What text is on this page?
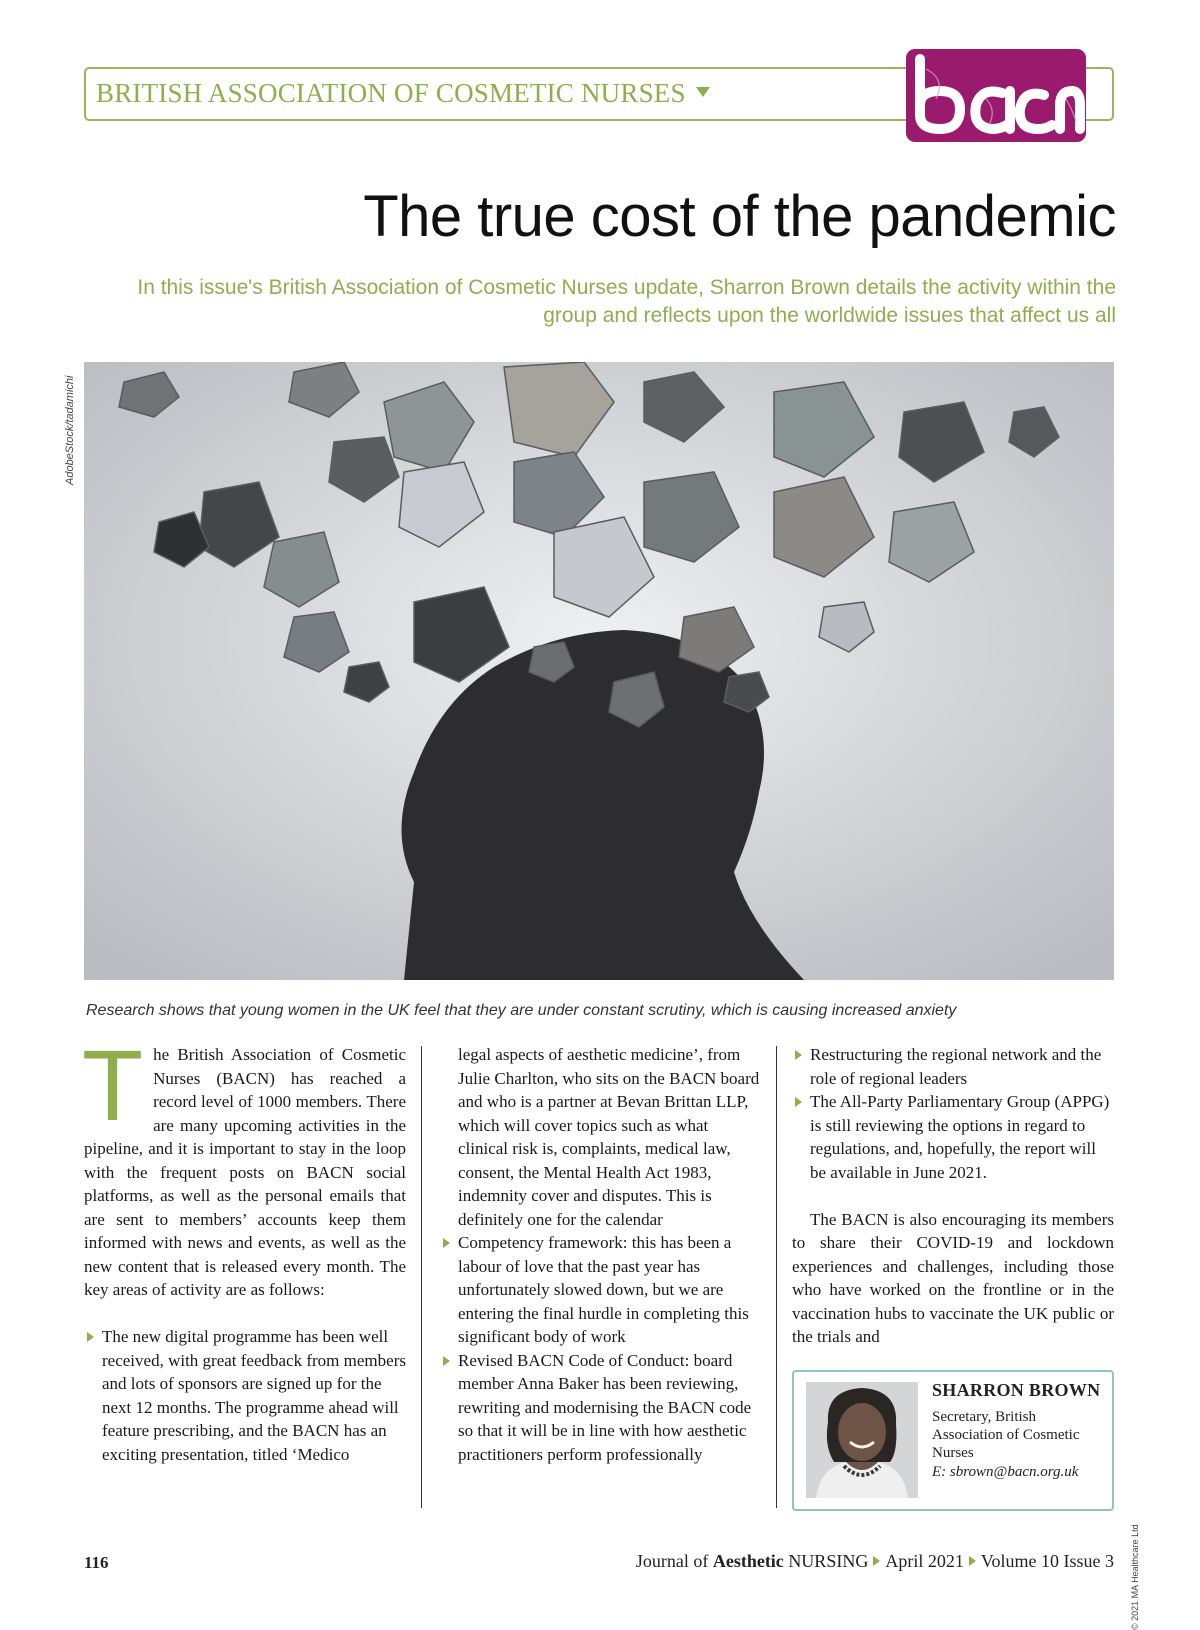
BRITISH ASSOCIATION OF COSMETIC NURSES
The true cost of the pandemic

In this issue's British Association of Cosmetic Nurses update, Sharron Brown details the activity within the group and reflects upon the worldwide issues that affect us all

AdobeStock/tadamichi

Research shows that young women in the UK feel that they are under constant scrutiny, which is causing increased anxiety

The British Association of Cosmetic Nurses (BACN) has reached a record level of 1000 members. There are many upcoming activities in the pipeline, and it is important to stay in the loop with the frequent posts on BACN social platforms, as well as the personal emails that are sent to members’ accounts keep them informed with news and events, as well as the new content that is released every month. The key areas of activity are as follows:

The new digital programme has been well received, with great feedback from members and lots of sponsors are signed up for the next 12 months. The programme ahead will feature prescribing, and the BACN has an exciting presentation, titled ‘Medico

legal aspects of aesthetic medicine’, from Julie Charlton, who sits on the BACN board and who is a partner at Bevan Brittan LLP, which will cover topics such as what clinical risk is, complaints, medical law, consent, the Mental Health Act 1983, indemnity cover and disputes. This is definitely one for the calendar

Competency framework: this has been a labour of love that the past year has unfortunately slowed down, but we are entering the final hurdle in completing this significant body of work

Revised BACN Code of Conduct: board member Anna Baker has been reviewing, rewriting and modernising the BACN code so that it will be in line with how aesthetic practitioners perform professionally

Restructuring the regional network and the role of regional leaders

The All-Party Parliamentary Group (APPG) is still reviewing the options in regard to regulations, and, hopefully, the report will be available in June 2021.

The BACN is also encouraging its members to share their COVID-19 and lockdown experiences and challenges, including those who have worked on the frontline or in the vaccination hubs to vaccinate the UK public or the trials and

SHARRON BROWN
Secretary, British Association of Cosmetic Nurses
E: sbrown@bacn.org.uk
© 2021 MA Healthcare Ltd
116	Journal of Aesthetic NURSING April 2021 Volume 10 Issue 3
